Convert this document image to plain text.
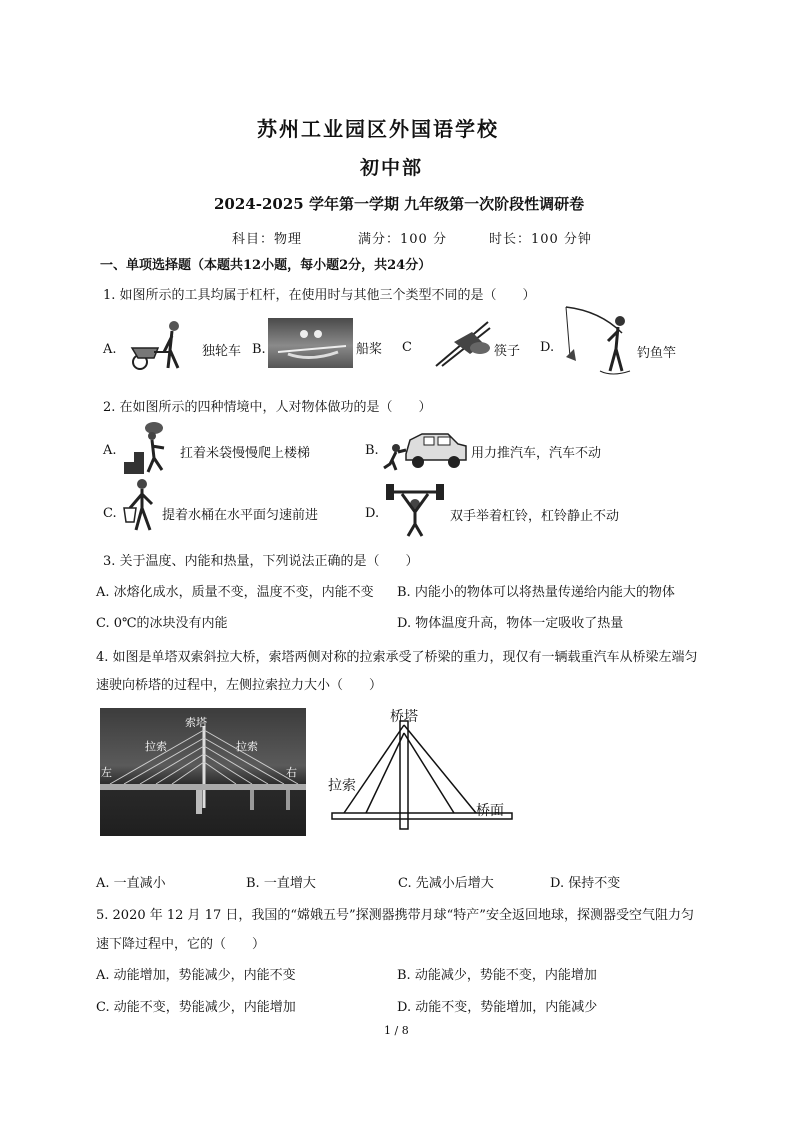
苏州工业园区外国语学校
初中部
2024-2025 学年第一学期 九年级第一次阶段性调研卷
科目：物理　　　　满分：100 分　　　时长：100 分钟
一、单项选择题（本题共12小题，每小题2分，共24分）
1. 如图所示的工具均属于杠杆，在使用时与其他三个类型不同的是（　　）
A.	独轮车 B.	船桨 C	筷子 D.	钓鱼竿
2. 在如图所示的四种情境中，人对物体做功的是（　　）
A.	扛着米袋慢慢爬上楼梯	B.	用力推汽车，汽车不动
C.	提着水桶在水平面匀速前进	D.	双手举着杠铃，杠铃静止不动
3. 关于温度、内能和热量，下列说法正确的是（　　）
A. 冰熔化成水，质量不变，温度不变，内能不变 B. 内能小的物体可以将热量传递给内能大的物体
C. 0℃的冰块没有内能	D. 物体温度升高，物体一定吸收了热量
4. 如图是单塔双索斜拉大桥，索塔两侧对称的拉索承受了桥梁的重力，现仅有一辆载重汽车从桥梁左端匀
速驶向桥塔的过程中，左侧拉索拉力大小（　　）
索塔
拉索	拉索
左	右
桥塔
拉索
桥面
A. 一直减小	B. 一直增大	C. 先减小后增大	D. 保持不变
5. 2020 年 12 月 17 日，我国的“嫦娥五号”探测器携带月球“特产”安全返回地球，探测器受空气阻力匀
速下降过程中，它的（　　）
A. 动能增加，势能减少，内能不变	B. 动能减少，势能不变，内能增加
C. 动能不变，势能减少，内能增加	D. 动能不变，势能增加，内能减少
1 / 8
